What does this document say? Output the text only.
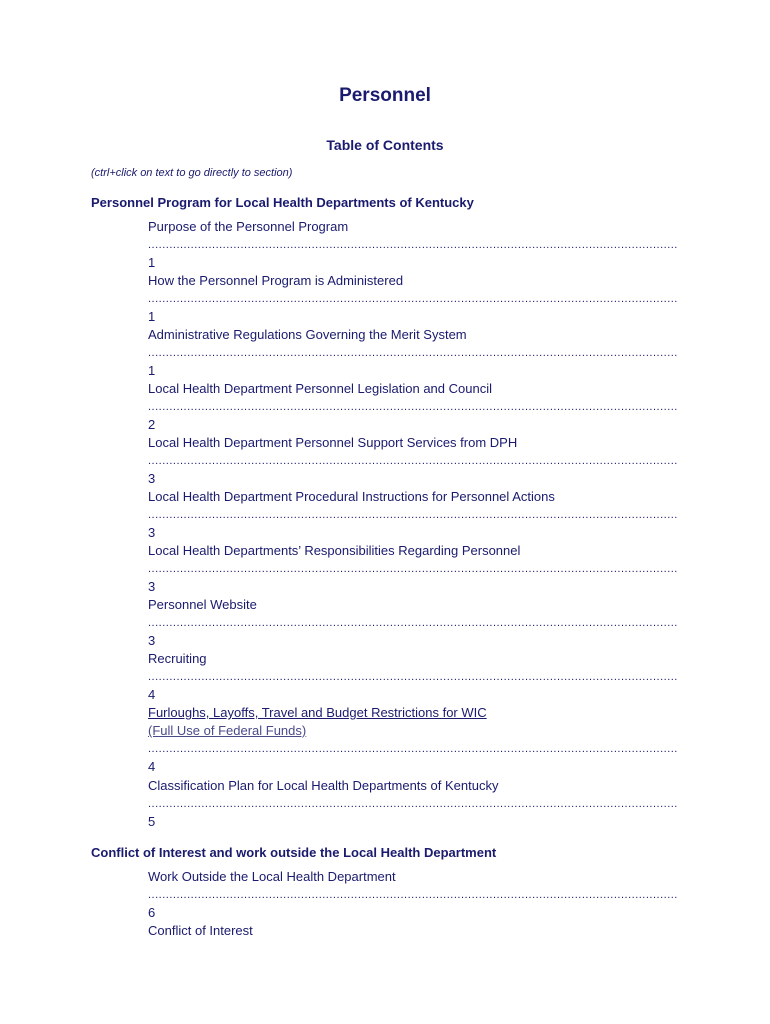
Personnel
Table of Contents
(ctrl+click on text to go directly to section)
Personnel Program for Local Health Departments of Kentucky
Purpose of the Personnel Program
.....
1
How the Personnel Program is Administered
.....
1
Administrative Regulations Governing the Merit System
.....
1
Local Health Department Personnel Legislation and Council
.....
2
Local Health Department Personnel Support Services from DPH
.....
3
Local Health Department Procedural Instructions for Personnel Actions
.....
3
Local Health Departments’ Responsibilities Regarding Personnel
.....
3
Personnel Website
.....
3
Recruiting
.....
4
Furloughs, Layoffs, Travel and Budget Restrictions for WIC
(Full Use of Federal Funds)
.....
4
Classification Plan for Local Health Departments of Kentucky
.....
5
Conflict of Interest and work outside the Local Health Department
Work Outside the Local Health Department
.....
6
Conflict of Interest
